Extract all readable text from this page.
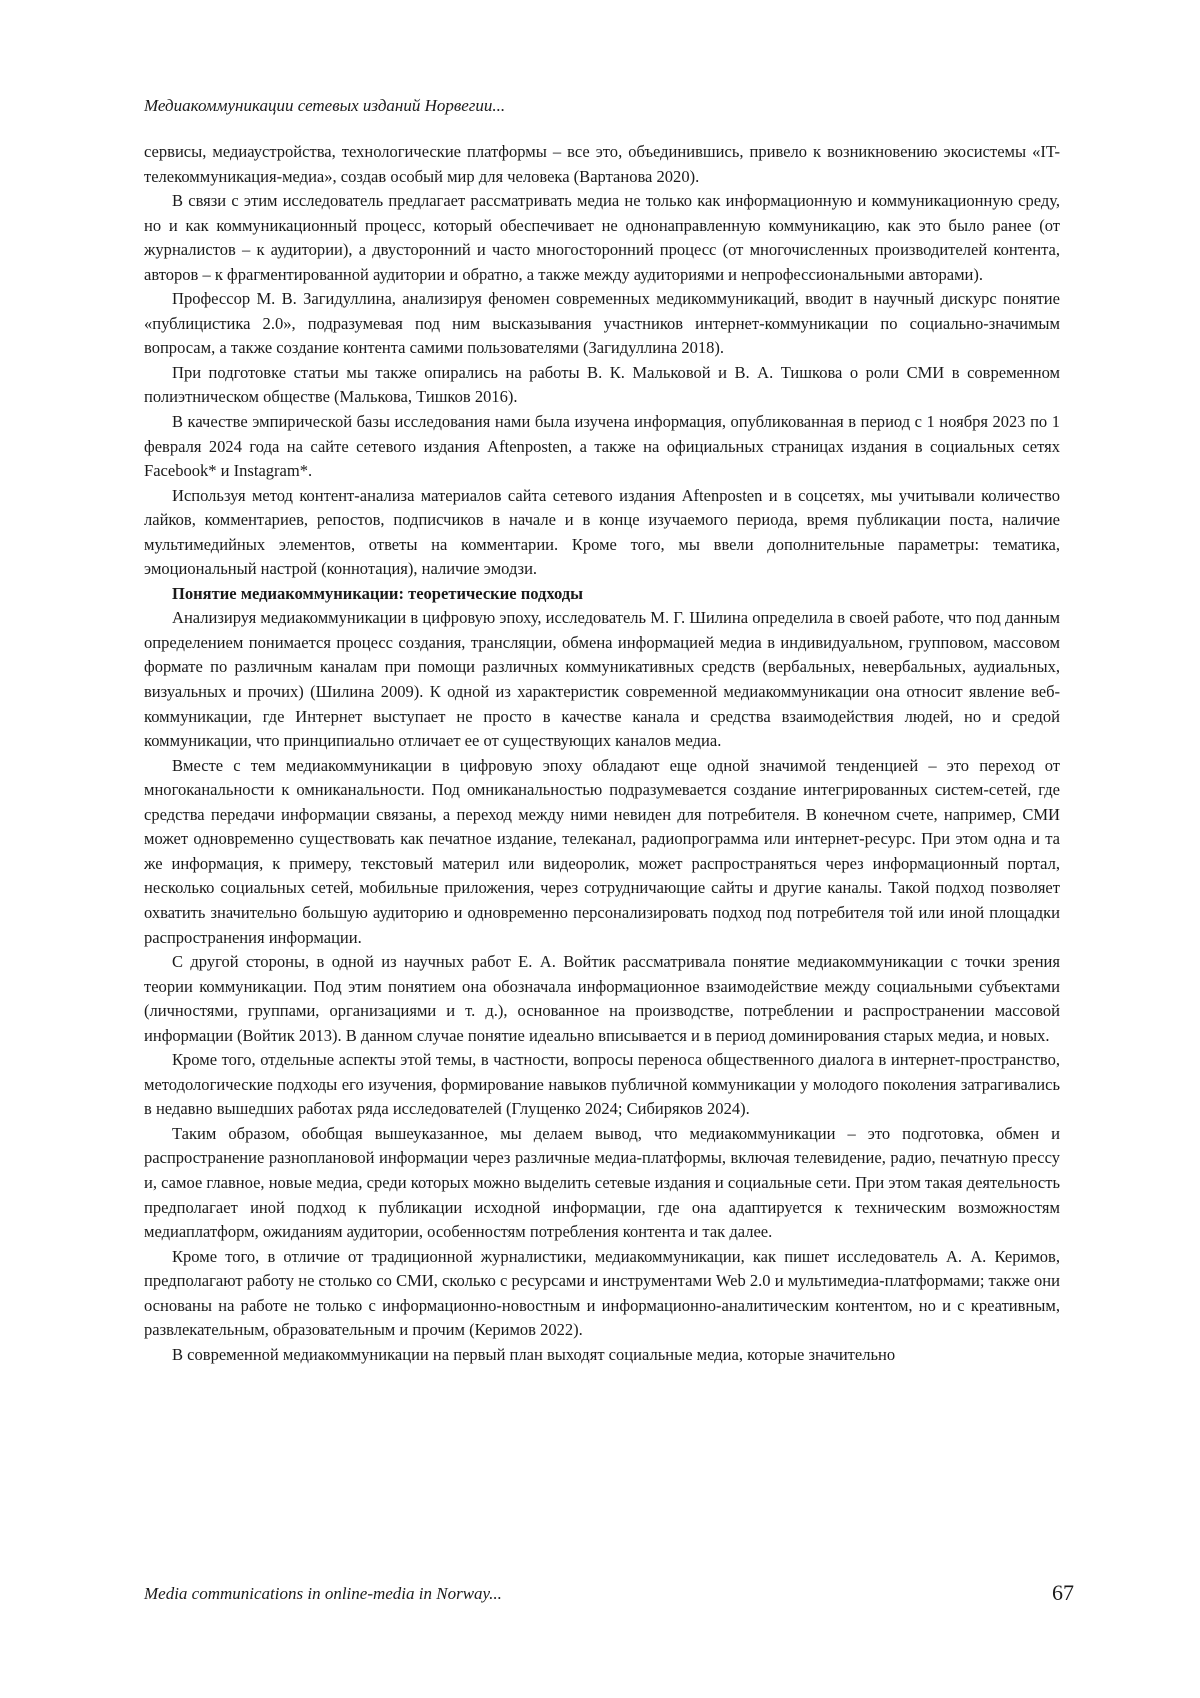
Медиакоммуникации сетевых изданий Норвегии...

сервисы, медиаустройства, технологические платформы – все это, объединившись, привело к возникновению экосистемы «IT-телекоммуникация-медиа», создав особый мир для человека (Вартанова 2020).

В связи с этим исследователь предлагает рассматривать медиа не только как информационную и коммуникационную среду, но и как коммуникационный процесс, который обеспечивает не однонаправленную коммуникацию, как это было ранее (от журналистов – к аудитории), а двусторонний и часто многосторонний процесс (от многочисленных производителей контента, авторов – к фрагментированной аудитории и обратно, а также между аудиториями и непрофессиональными авторами).

Профессор М. В. Загидуллина, анализируя феномен современных медикоммуникаций, вводит в научный дискурс понятие «публицистика 2.0», подразумевая под ним высказывания участников интернет-коммуникации по социально-значимым вопросам, а также создание контента самими пользователями (Загидуллина 2018).

При подготовке статьи мы также опирались на работы В. К. Мальковой и В. А. Тишкова о роли СМИ в современном полиэтническом обществе (Малькова, Тишков 2016).

В качестве эмпирической базы исследования нами была изучена информация, опубликованная в период с 1 ноября 2023 по 1 февраля 2024 года на сайте сетевого издания Aftenposten, а также на официальных страницах издания в социальных сетях Facebook* и Instagram*.

Используя метод контент-анализа материалов сайта сетевого издания Aftenposten и в соцсетях, мы учитывали количество лайков, комментариев, репостов, подписчиков в начале и в конце изучаемого периода, время публикации поста, наличие мультимедийных элементов, ответы на комментарии. Кроме того, мы ввели дополнительные параметры: тематика, эмоциональный настрой (коннотация), наличие эмодзи.

Понятие медиакоммуникации: теоретические подходы

Анализируя медиакоммуникации в цифровую эпоху, исследователь М. Г. Шилина определила в своей работе, что под данным определением понимается процесс создания, трансляции, обмена информацией медиа в индивидуальном, групповом, массовом формате по различным каналам при помощи различных коммуникативных средств (вербальных, невербальных, аудиальных, визуальных и прочих) (Шилина 2009). К одной из характеристик современной медиакоммуникации она относит явление веб-коммуникации, где Интернет выступает не просто в качестве канала и средства взаимодействия людей, но и средой коммуникации, что принципиально отличает ее от существующих каналов медиа.

Вместе с тем медиакоммуникации в цифровую эпоху обладают еще одной значимой тенденцией – это переход от многоканальности к омниканальности. Под омниканальностью подразумевается создание интегрированных систем-сетей, где средства передачи информации связаны, а переход между ними невиден для потребителя. В конечном счете, например, СМИ может одновременно существовать как печатное издание, телеканал, радиопрограмма или интернет-ресурс. При этом одна и та же информация, к примеру, текстовый материл или видеоролик, может распространяться через информационный портал, несколько социальных сетей, мобильные приложения, через сотрудничающие сайты и другие каналы. Такой подход позволяет охватить значительно большую аудиторию и одновременно персонализировать подход под потребителя той или иной площадки распространения информации.

С другой стороны, в одной из научных работ Е. А. Войтик рассматривала понятие медиакоммуникации с точки зрения теории коммуникации. Под этим понятием она обозначала информационное взаимодействие между социальными субъектами (личностями, группами, организациями и т. д.), основанное на производстве, потреблении и распространении массовой информации (Войтик 2013). В данном случае понятие идеально вписывается и в период доминирования старых медиа, и новых.

Кроме того, отдельные аспекты этой темы, в частности, вопросы переноса общественного диалога в интернет-пространство, методологические подходы его изучения, формирование навыков публичной коммуникации у молодого поколения затрагивались в недавно вышедших работах ряда исследователей (Глущенко 2024; Сибиряков 2024).

Таким образом, обобщая вышеуказанное, мы делаем вывод, что медиакоммуникации – это подготовка, обмен и распространение разноплановой информации через различные медиа-платформы, включая телевидение, радио, печатную прессу и, самое главное, новые медиа, среди которых можно выделить сетевые издания и социальные сети. При этом такая деятельность предполагает иной подход к публикации исходной информации, где она адаптируется к техническим возможностям медиаплатформ, ожиданиям аудитории, особенностям потребления контента и так далее.

Кроме того, в отличие от традиционной журналистики, медиакоммуникации, как пишет исследователь А. А. Керимов, предполагают работу не столько со СМИ, сколько с ресурсами и инструментами Web 2.0 и мультимедиа-платформами; также они основаны на работе не только с информационно-новостным и информационно-аналитическим контентом, но и с креативным, развлекательным, образовательным и прочим (Керимов 2022).

В современной медиакоммуникации на первый план выходят социальные медиа, которые значительно

Media communications in online-media in Norway...	67
